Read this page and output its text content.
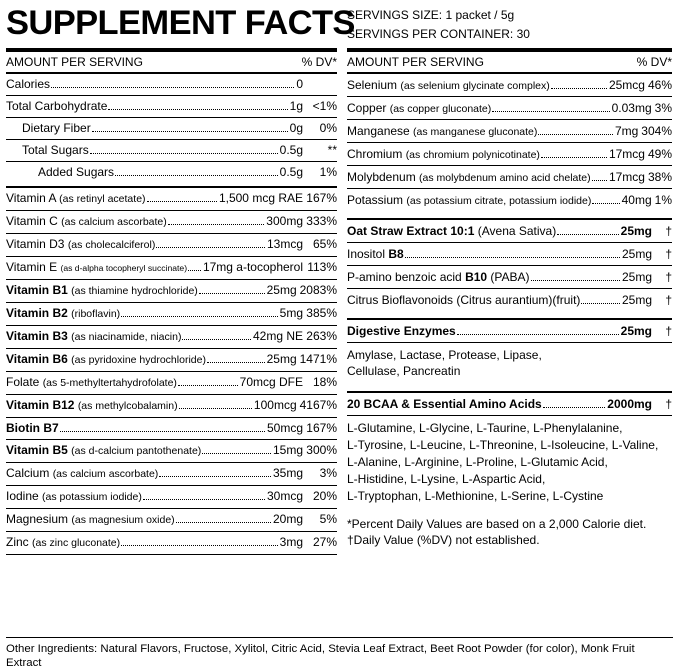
SUPPLEMENT FACTS
AMOUNT PER SERVING	% DV*
Calories	0
Total Carbohydrate	1g <1%
Dietary Fiber	0g	0%
Total Sugars	0.5g	**
Added Sugars	0.5g	1%
Vitamin A (as retinyl acetate)	1,500 mcg RAE 167%
Vitamin C (as calcium ascorbate)	300mg 333%
Vitamin D3 (as cholecalciferol)	13mcg 65%
Vitamin E (as d-alpha tocopheryl succinate) 17mg a-tocopherol 113%
Vitamin B1 (as thiamine hydrochloride)	25mg 2083%
Vitamin B2 (riboflavin)	5mg 385%
Vitamin B3 (as niacinamide, niacin)	42mg NE 263%
Vitamin B6 (as pyridoxine hydrochloride)	25mg 1471%
Folate (as 5-methyltertahydrofolate)	70mcg DFE 18%
Vitamin B12 (as methylcobalamin)	100mcg 4167%
Biotin B7	50mcg 167%
Vitamin B5 (as d-calcium pantothenate)	15mg 300%
Calcium (as calcium ascorbate)	35mg	3%
Iodine (as potassium iodide)	30mcg 20%
Magnesium (as magnesium oxide)	20mg	5%
Zinc (as zinc gluconate)	3mg 27%
SERVINGS SIZE: 1 packet / 5g
SERVINGS PER CONTAINER: 30
AMOUNT PER SERVING	% DV*
Selenium (as selenium glycinate complex)	25mcg 46%
Copper (as copper gluconate)	0.03mg 3%
Manganese (as manganese gluconate)	7mg 304%
Chromium (as chromium polynicotinate)	17mcg 49%
Molybdenum (as molybdenum amino acid chelate) 17mcg 38%
Potassium (as potassium citrate, potassium iodide)	40mg 1%
Oat Straw Extract 10:1 (Avena Sativa)	25mg	†
Inositol B8	25mg	†
P-amino benzoic acid B10 (PABA)	25mg	†
Citrus Bioflavonoids (Citrus aurantium)(fruit)	25mg	†
Digestive Enzymes	25mg	†
Amylase, Lactase, Protease, Lipase,
Cellulase, Pancreatin
20 BCAA & Essential Amino Acids	2000mg	†
L-Glutamine, L-Glycine, L-Taurine, L-Phenylalanine,
L-Tyrosine, L-Leucine, L-Threonine, L-Isoleucine, L-Valine,
L-Alanine, L-Arginine, L-Proline, L-Glutamic Acid,
L-Histidine, L-Lysine, L-Aspartic Acid,
L-Tryptophan, L-Methionine, L-Serine, L-Cystine
*Percent Daily Values are based on a 2,000 Calorie diet.
†Daily Value (%DV) not established.
Other Ingredients: Natural Flavors, Fructose, Xylitol, Citric Acid, Stevia Leaf Extract, Beet Root Powder (for color), Monk Fruit Extract
